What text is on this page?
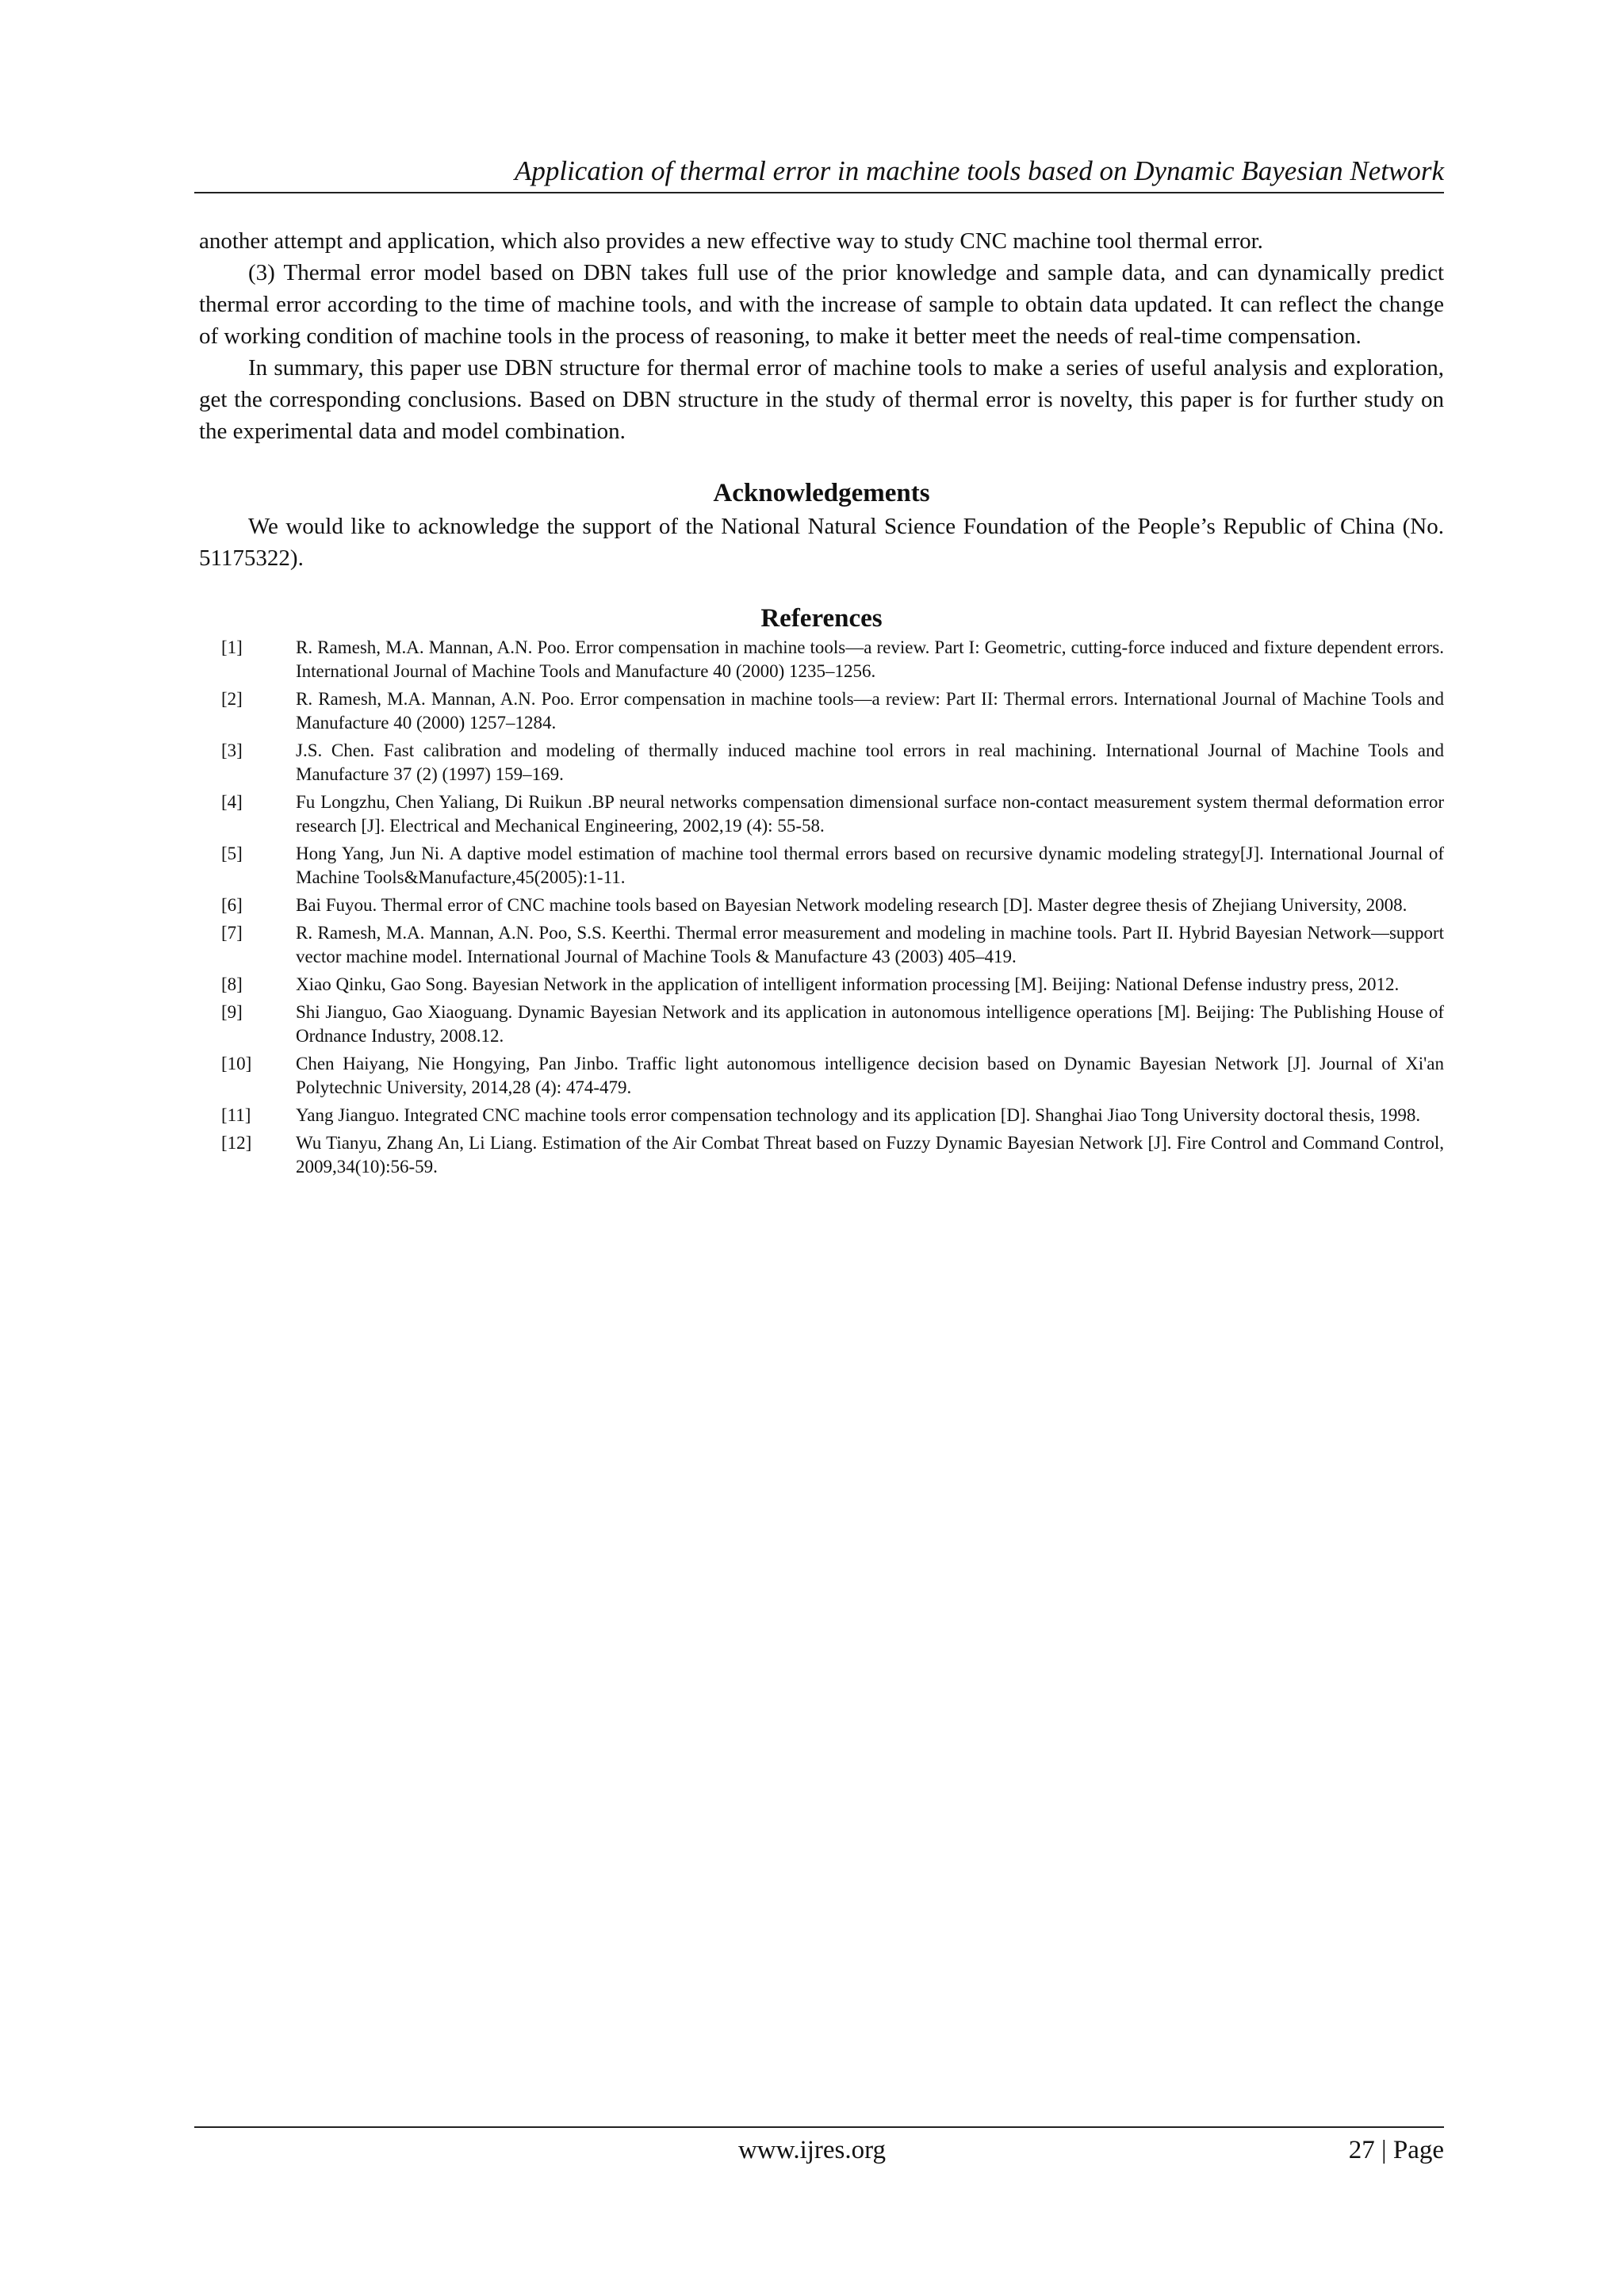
Application of thermal error in machine tools based on Dynamic Bayesian Network

another attempt and application, which also provides a new effective way to study CNC machine tool thermal error.

(3) Thermal error model based on DBN takes full use of the prior knowledge and sample data, and can dynamically predict thermal error according to the time of machine tools, and with the increase of sample to obtain data updated. It can reflect the change of working condition of machine tools in the process of reasoning, to make it better meet the needs of real-time compensation.

In summary, this paper use DBN structure for thermal error of machine tools to make a series of useful analysis and exploration, get the corresponding conclusions. Based on DBN structure in the study of thermal error is novelty, this paper is for further study on the experimental data and model combination.

Acknowledgements

We would like to acknowledge the support of the National Natural Science Foundation of the People’s Republic of China (No. 51175322).

References
[1]	R. Ramesh, M.A. Mannan, A.N. Poo. Error compensation in machine tools—a review. Part I: Geometric, cutting-force induced and fixture dependent errors. International Journal of Machine Tools and Manufacture 40 (2000) 1235–1256.
[2]	R. Ramesh, M.A. Mannan, A.N. Poo. Error compensation in machine tools—a review: Part II: Thermal errors. International Journal of Machine Tools and Manufacture 40 (2000) 1257–1284.
[3]	J.S. Chen. Fast calibration and modeling of thermally induced machine tool errors in real machining. International Journal of Machine Tools and Manufacture 37 (2) (1997) 159–169.
[4]	Fu Longzhu, Chen Yaliang, Di Ruikun .BP neural networks compensation dimensional surface non-contact measurement system thermal deformation error research [J]. Electrical and Mechanical Engineering, 2002,19 (4): 55-58.
[5]	Hong Yang, Jun Ni. A daptive model estimation of machine tool thermal errors based on recursive dynamic modeling strategy[J]. International Journal of Machine Tools&Manufacture,45(2005):1-11.
[6]	Bai Fuyou. Thermal error of CNC machine tools based on Bayesian Network modeling research [D]. Master degree thesis of Zhejiang University, 2008.
[7]	R. Ramesh, M.A. Mannan, A.N. Poo, S.S. Keerthi. Thermal error measurement and modeling in machine tools. Part II. Hybrid Bayesian Network—support vector machine model. International Journal of Machine Tools & Manufacture 43 (2003) 405–419.
[8]	Xiao Qinku, Gao Song. Bayesian Network in the application of intelligent information processing [M]. Beijing: National Defense industry press, 2012.
[9]	Shi Jianguo, Gao Xiaoguang. Dynamic Bayesian Network and its application in autonomous intelligence operations [M]. Beijing: The Publishing House of Ordnance Industry, 2008.12.
[10]	Chen Haiyang, Nie Hongying, Pan Jinbo. Traffic light autonomous intelligence decision based on Dynamic Bayesian Network [J]. Journal of Xi'an Polytechnic University, 2014,28 (4): 474-479.
[11]	Yang Jianguo. Integrated CNC machine tools error compensation technology and its application [D]. Shanghai Jiao Tong University doctoral thesis, 1998.
[12]	Wu Tianyu, Zhang An, Li Liang. Estimation of the Air Combat Threat based on Fuzzy Dynamic Bayesian Network [J]. Fire Control and Command Control, 2009,34(10):56-59.
www.ijres.org	27 | Page
